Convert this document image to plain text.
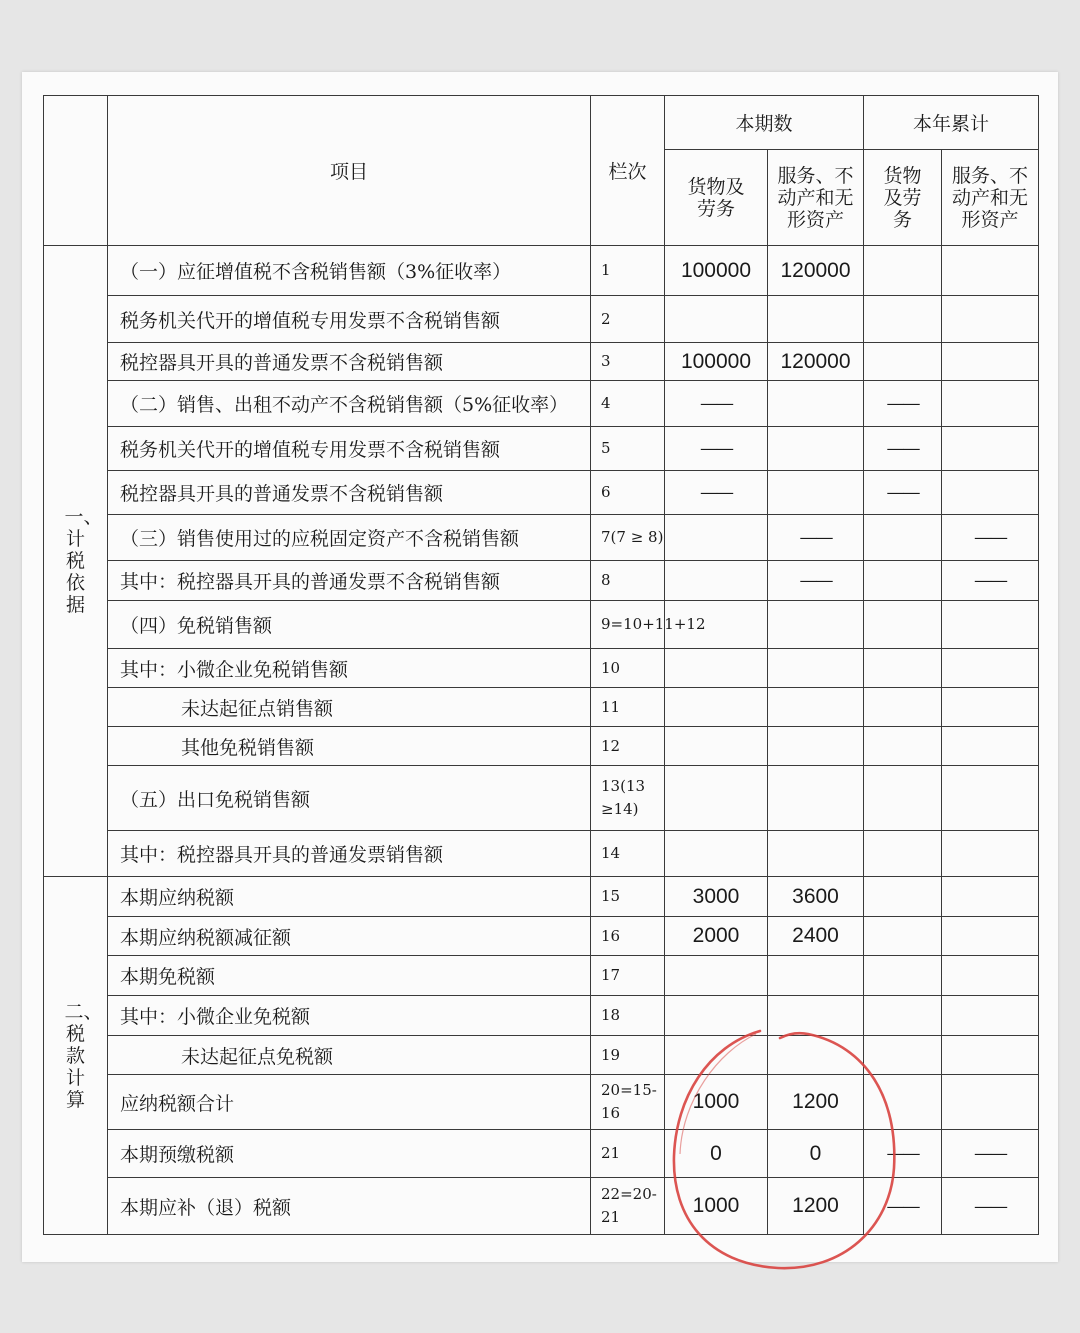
	项目	栏次	本期数		本年累计	
			货物及劳务	服务、不动产和无形资产	货物及劳务	服务、不动产和无形资产
一、计税依据	（一）应征增值税不含税销售额（3%征收率）	1	100000	120000		
	税务机关代开的增值税专用发票不含税销售额	2				
	税控器具开具的普通发票不含税销售额	3	100000	120000		
	（二）销售、出租不动产不含税销售额（5%征收率）	4	——		——	
	税务机关代开的增值税专用发票不含税销售额	5	——		——	
	税控器具开具的普通发票不含税销售额	6	——		——	
	（三）销售使用过的应税固定资产不含税销售额	7(7 ≥ 8)		——		——
	其中：税控器具开具的普通发票不含税销售额	8		——		——
	（四）免税销售额	9=10+11+12				
	其中：小微企业免税销售额	10				
	未达起征点销售额	11				
	其他免税销售额	12				
	（五）出口免税销售额	13(13 ≥14)				
	其中：税控器具开具的普通发票销售额	14				
二、税款计算	本期应纳税额	15	3000	3600		
	本期应纳税额减征额	16	2000	2400		
	本期免税额	17				
	其中：小微企业免税额	18				
	未达起征点免税额	19				
	应纳税额合计	20=15-16	1000	1200		
	本期预缴税额	21	0	0	——	——
	本期应补（退）税额	22=20-21	1000	1200	——	——
